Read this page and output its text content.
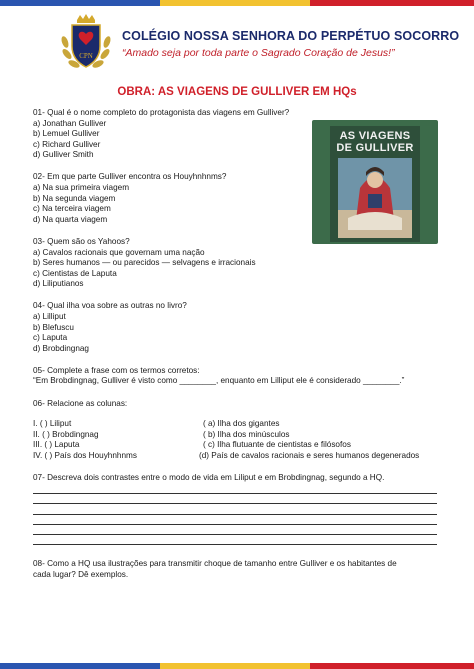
CPN
COLÉGIO NOSSA SENHORA DO PERPÉTUO SOCORRO
“Amado seja por toda parte o Sagrado Coração de Jesus!”
OBRA: AS VIAGENS DE GULLIVER EM HQs
AS VIAGENS
DE GULLIVER

01- Qual é o nome completo do protagonista das viagens em Gulliver?

a) Jonathan Gulliver

b) Lemuel Gulliver

c) Richard Gulliver

d) Gulliver Smith

02- Em que parte Gulliver encontra os Houyhnhnms?

a) Na sua primeira viagem

b) Na segunda viagem

c) Na terceira viagem

d) Na quarta viagem

03- Quem são os Yahoos?

a) Cavalos racionais que governam uma nação

b) Seres humanos — ou parecidos — selvagens e irracionais

c) Cientistas de Laputa

d) Liliputianos

04- Qual ilha voa sobre as outras no livro?

a) Lilliput

b) Blefuscu

c) Laputa

d) Brobdingnag

05- Complete a frase com os termos corretos:

“Em Brobdingnag, Gulliver é visto como ________, enquanto em Lilliput ele é considerado ________.”

06- Relacione as colunas:

I. ( ) Liliput	( a) Ilha dos gigantes
II. ( ) Brobdingnag	( b) Ilha dos minúsculos
III. ( ) Laputa	( c) Ilha flutuante de cientistas e filósofos
IV. ( ) País dos Houyhnhnms	(d) País de cavalos racionais e seres humanos degenerados

07- Descreva dois contrastes entre o modo de vida em Liliput e em Brobdingnag, segundo a HQ.

08- Como a HQ usa ilustrações para transmitir choque de tamanho entre Gulliver e os habitantes de

cada lugar? Dê exemplos.
